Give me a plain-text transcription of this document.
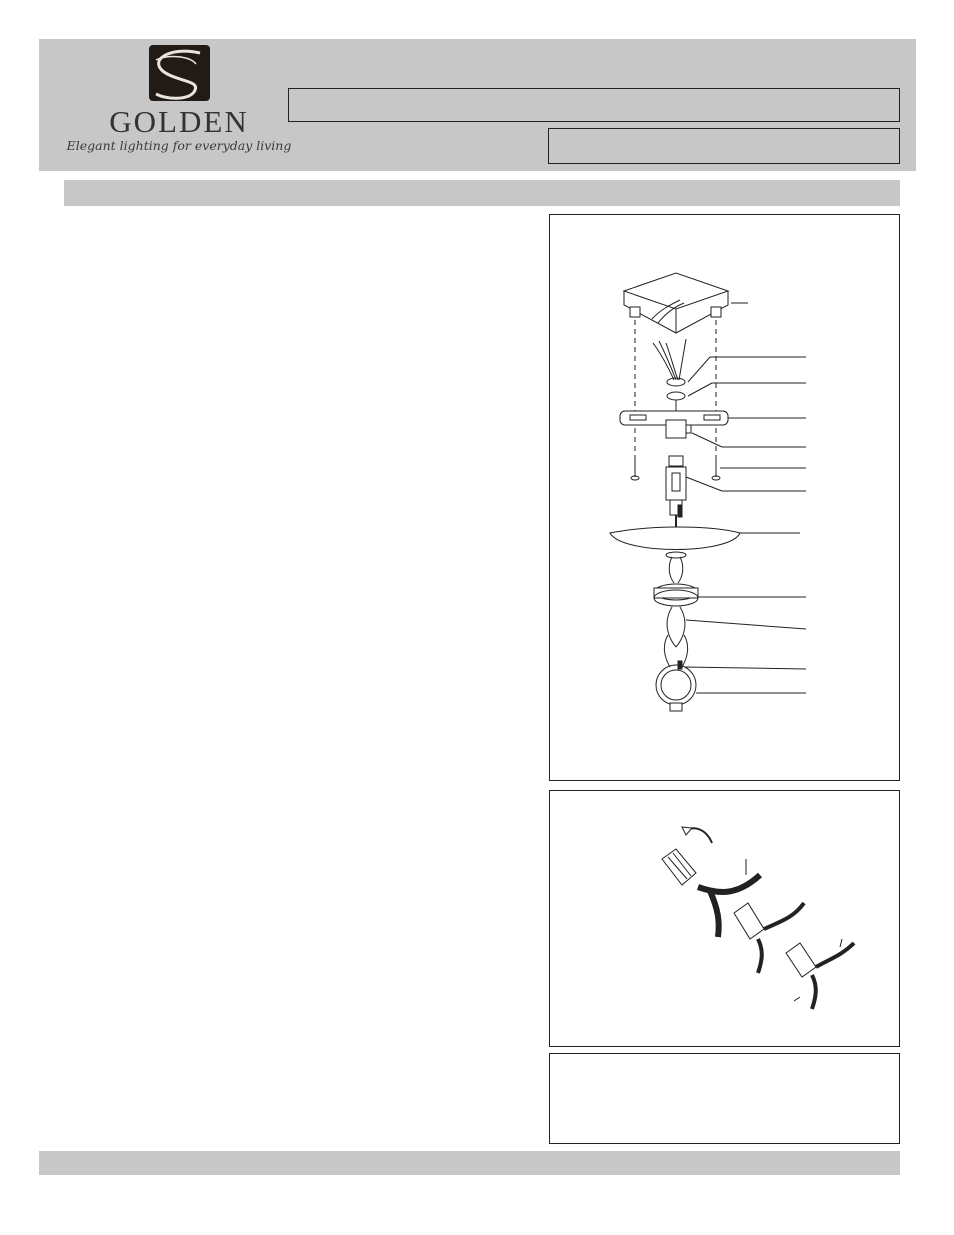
GOLDEN
Elegant lighting for everyday living
